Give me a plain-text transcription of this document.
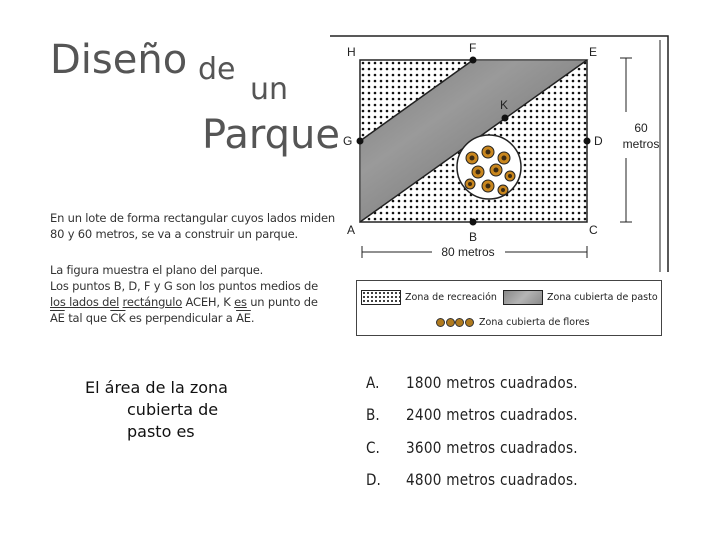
Diseño de
un
Parque
En un lote de forma rectangular cuyos lados miden 80 y 60 metros, se va a construir un parque.
La figura muestra el plano del parque.
Los puntos B, D, F y G son los puntos medios de
los lados del rectángulo ACEH, K es un punto de
$\overline{AE}$ tal que $\overline{CK}$ es perpendicular a $\overline{AE}$.
H	F	E
K
G	D
A	B	C
60
metros
80 metros
Zona de recreación	Zona cubierta de pasto
Zona cubierta de flores
El área de la zona
cubierta de
pasto es
A.	1800 metros cuadrados.
B.	2400 metros cuadrados.
C.	3600 metros cuadrados.
D.	4800 metros cuadrados.
